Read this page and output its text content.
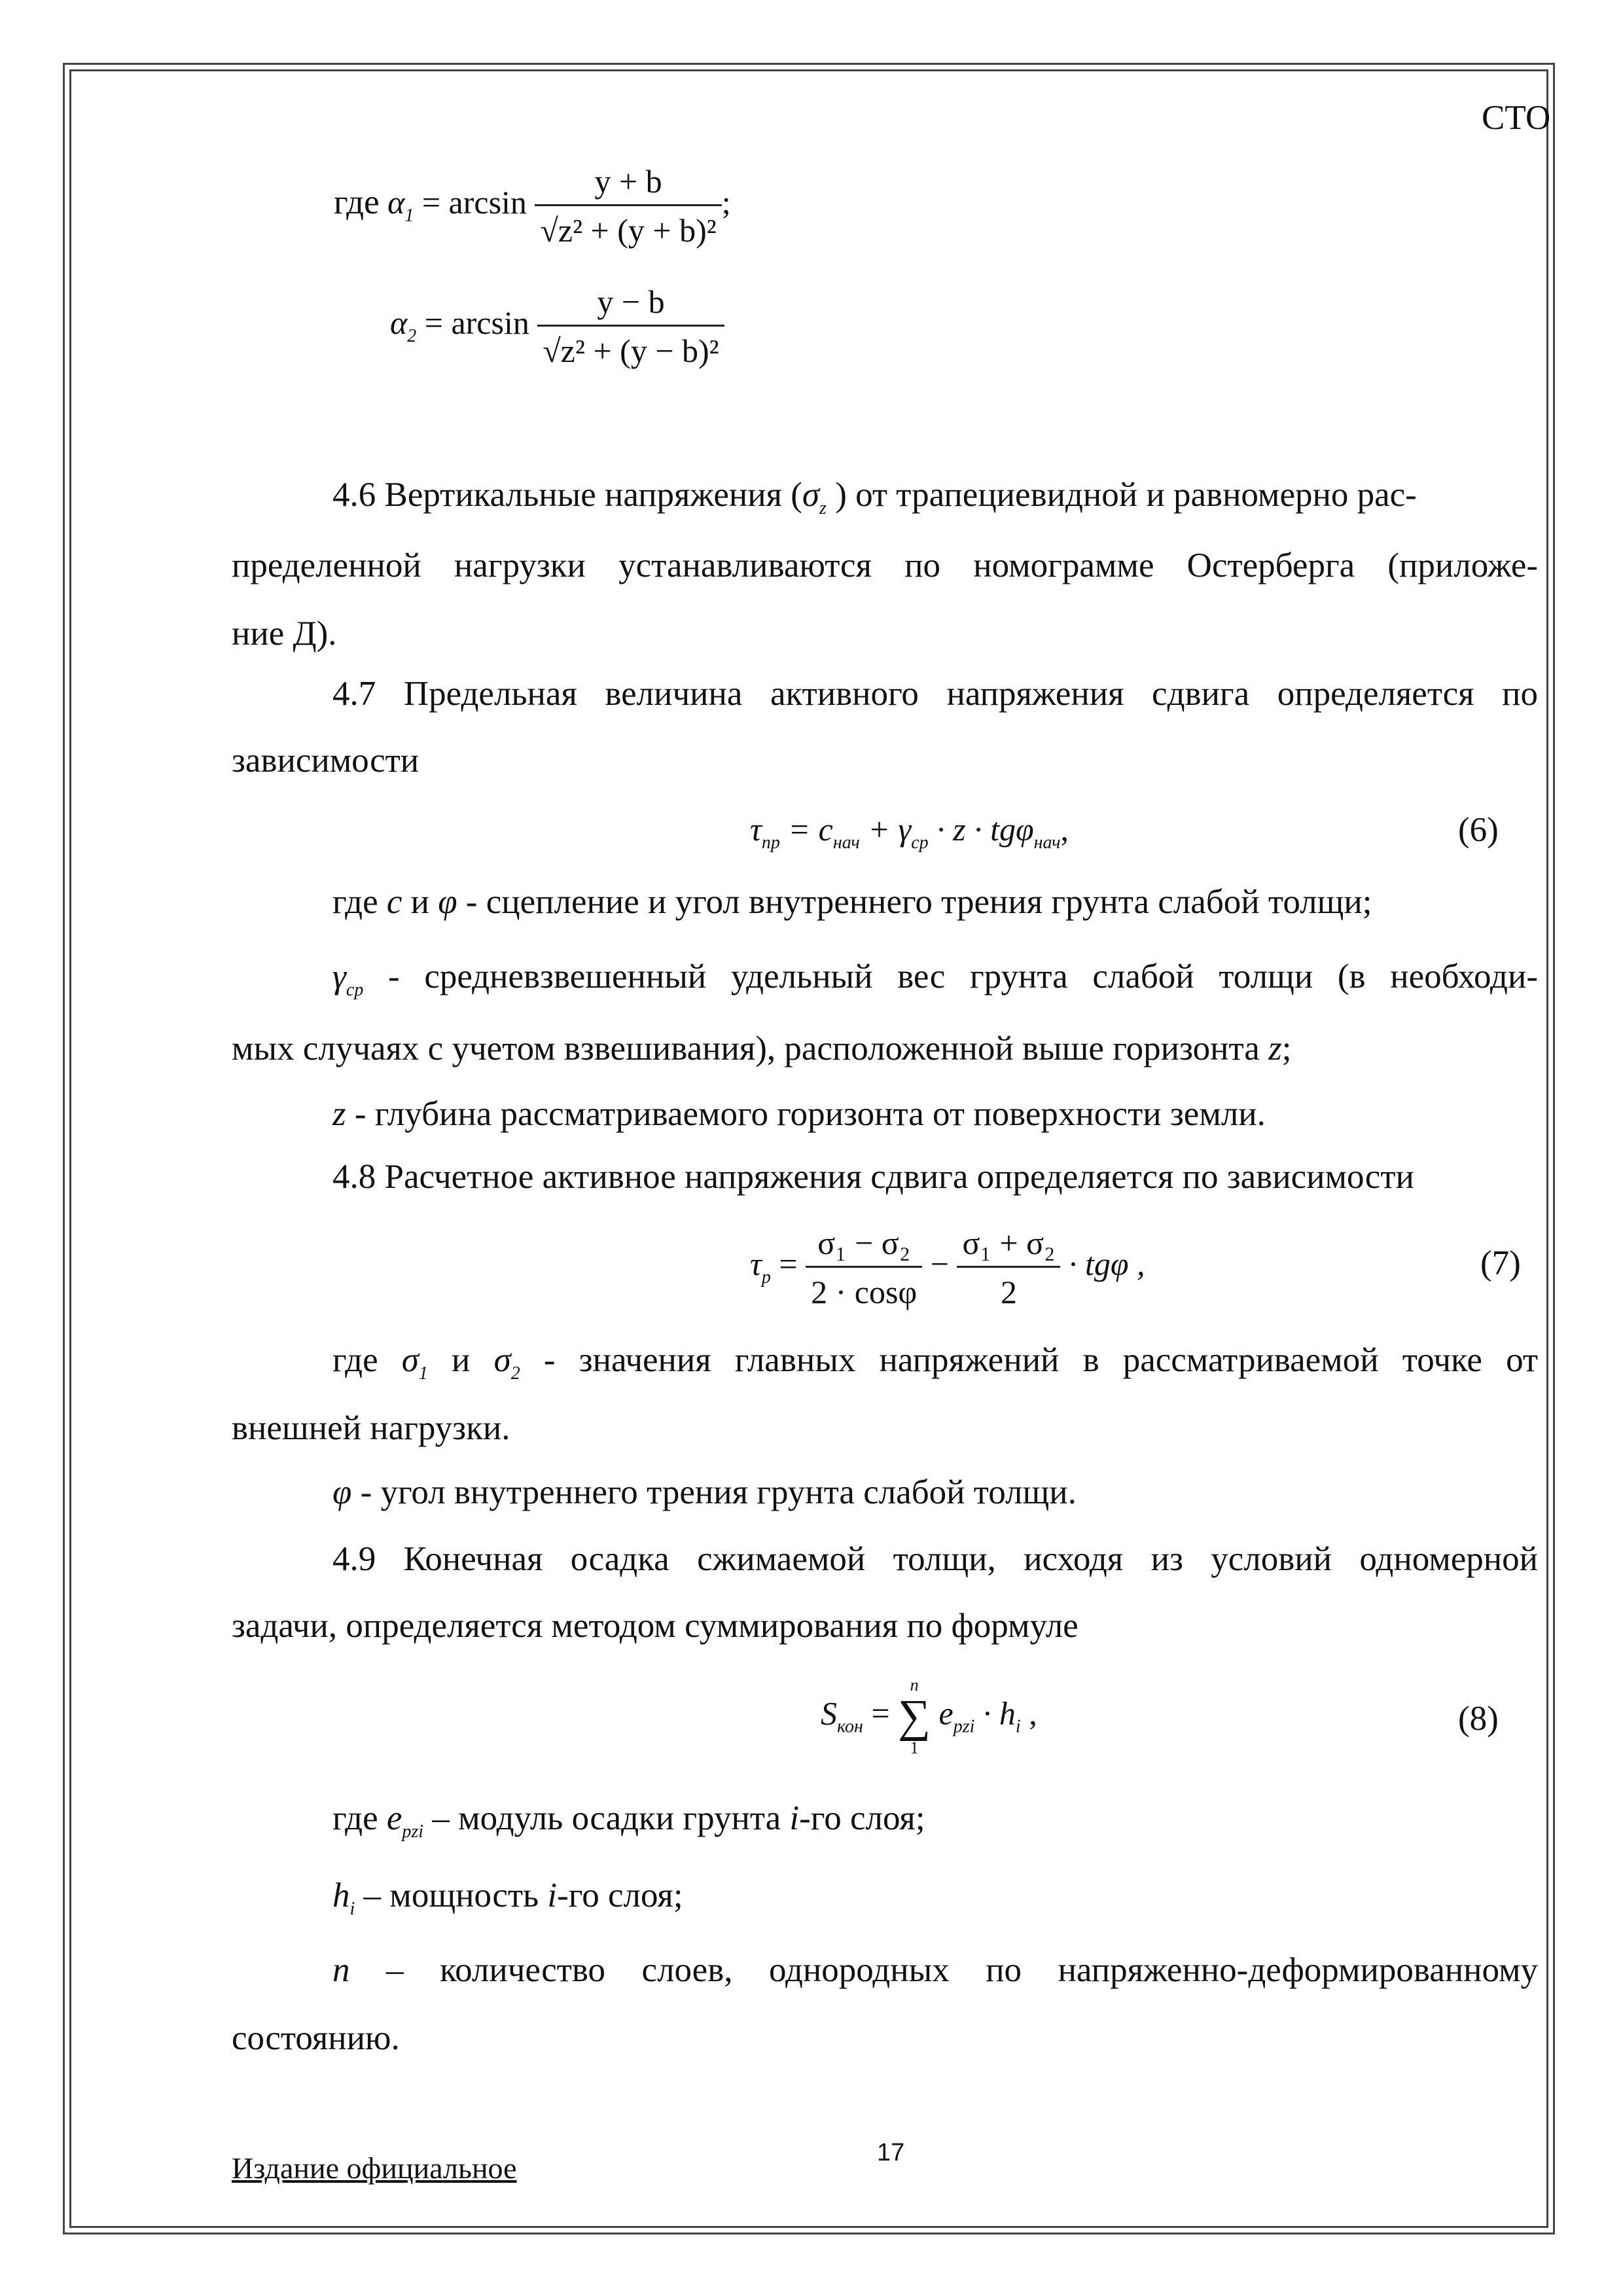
СТО
где $\alpha_1 = \arcsin \frac{y + b}{\text{√z² + (y + b)²}}$ ;
$\alpha_2 = \arcsin \frac{y - b}{\text{√z² + (y − b)²}}$
4.6 Вертикальные напряжения ($\sigma_z$ ) от трапециевидной и равномерно рас-
пределенной нагрузки устанавливаются по номограмме Остерберга (приложе-
ние Д).
4.7 Предельная величина активного напряжения сдвига определяется по
зависимости
$\tau_{пр} = c_{нач} + \gamma_{ср} \cdot z \cdot tg\varphi_{нач}$,	(6)
где c и φ - сцепление и угол внутреннего трения грунта слабой толщи;
$\gamma_{ср}$ - средневзвешенный удельный вес грунта слабой толщи (в необходи-
мых случаях с учетом взвешивания), расположенной выше горизонта z;
z - глубина рассматриваемого горизонта от поверхности земли.
4.8 Расчетное активное напряжения сдвига определяется по зависимости
$\tau_р = \frac{\text{σ₁ − σ₂}}{2 \cdot \cos\varphi} - \frac{\text{σ₁ + σ₂}}{2} \cdot tg\varphi$ ,	(7)
где $\sigma_1$ и $\sigma_2$ - значения главных напряжений в рассматриваемой точке от
внешней нагрузки.
φ - угол внутреннего трения грунта слабой толщи.
4.9 Конечная осадка сжимаемой толщи, исходя из условий одномерной
задачи, определяется методом суммирования по формуле
$S_{кон}$ =
n
∑
1
$e_{pzi} \cdot h_i$ ,	(8)
где $e_{pzi}$ – модуль осадки грунта i-го слоя;
$h_i$ – мощность i-го слоя;
n – количество слоев, однородных по напряженно-деформированному
состоянию.
Издание официальное	17
